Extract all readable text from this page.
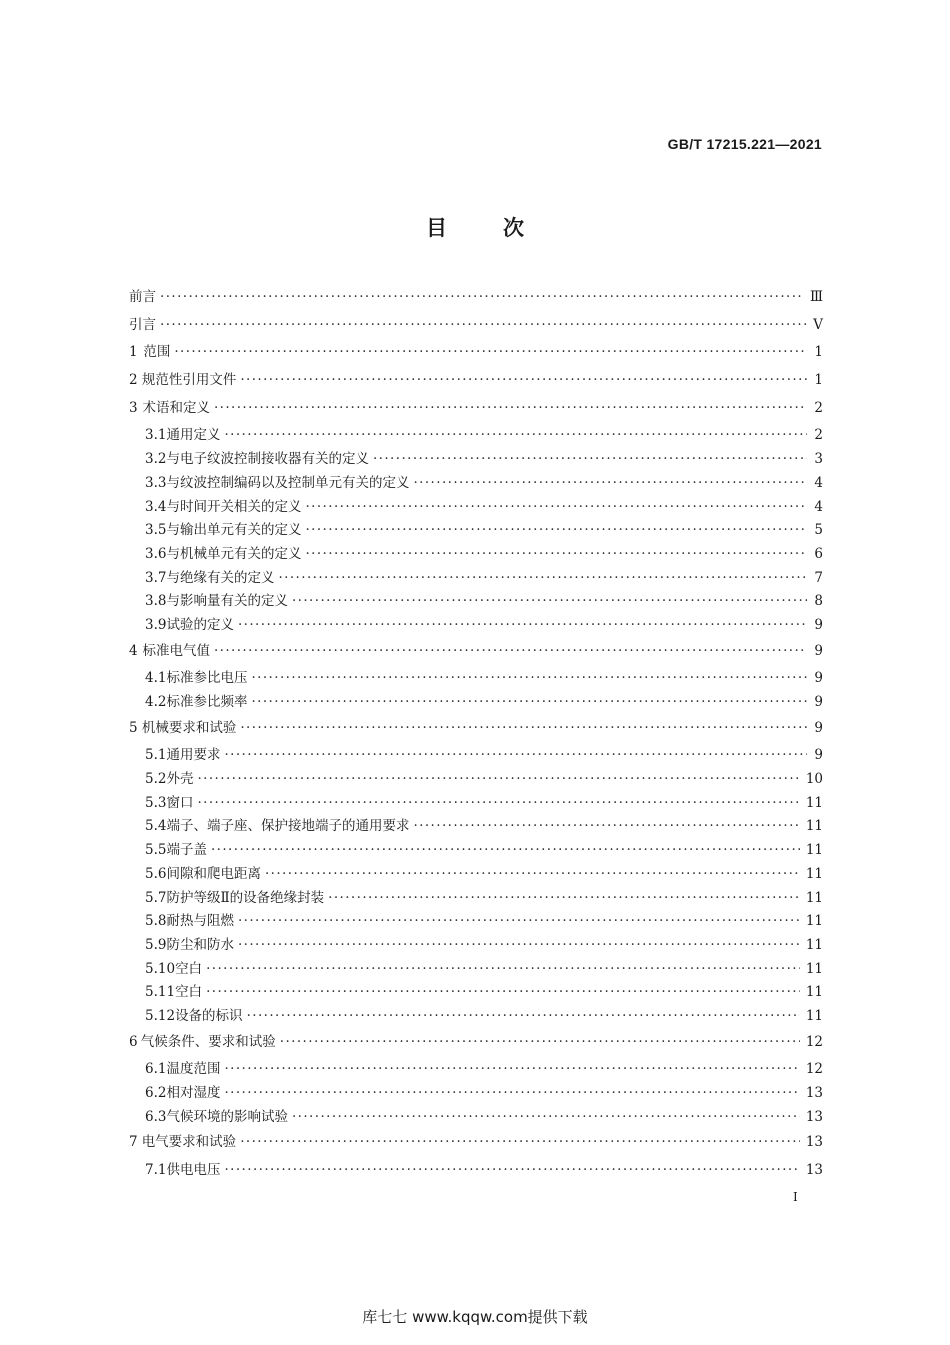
GB/T 17215.221—2021
目	次
前言 ·····	Ⅲ
引言 ·····	Ⅴ
1 范围 ·····	1
2 规范性引用文件 ·····	1
3 术语和定义 ·····	2
3.1 通用定义 ·····	2
3.2 与电子纹波控制接收器有关的定义 ·····	3
3.3 与纹波控制编码以及控制单元有关的定义 ·····	4
3.4 与时间开关相关的定义 ·····	4
3.5 与输出单元有关的定义 ·····	5
3.6 与机械单元有关的定义 ·····	6
3.7 与绝缘有关的定义 ·····	7
3.8 与影响量有关的定义 ·····	8
3.9 试验的定义 ·····	9
4 标准电气值 ·····	9
4.1 标准参比电压 ·····	9
4.2 标准参比频率 ·····	9
5 机械要求和试验 ·····	9
5.1 通用要求 ·····	9
5.2 外壳 ·····	10
5.3 窗口 ·····	11
5.4 端子、端子座、保护接地端子的通用要求 ·····	11
5.5 端子盖 ·····	11
5.6 间隙和爬电距离 ·····	11
5.7 防护等级Ⅱ的设备绝缘封装 ·····	11
5.8 耐热与阻燃 ·····	11
5.9 防尘和防水 ·····	11
5.10 空白 ·····	11
5.11 空白 ·····	11
5.12 设备的标识 ·····	11
6 气候条件、要求和试验 ·····	12
6.1 温度范围 ·····	12
6.2 相对湿度 ·····	13
6.3 气候环境的影响试验 ·····	13
7 电气要求和试验 ·····	13
7.1 供电电压 ·····	13
I
库七七 www.kqqw.com提供下载
